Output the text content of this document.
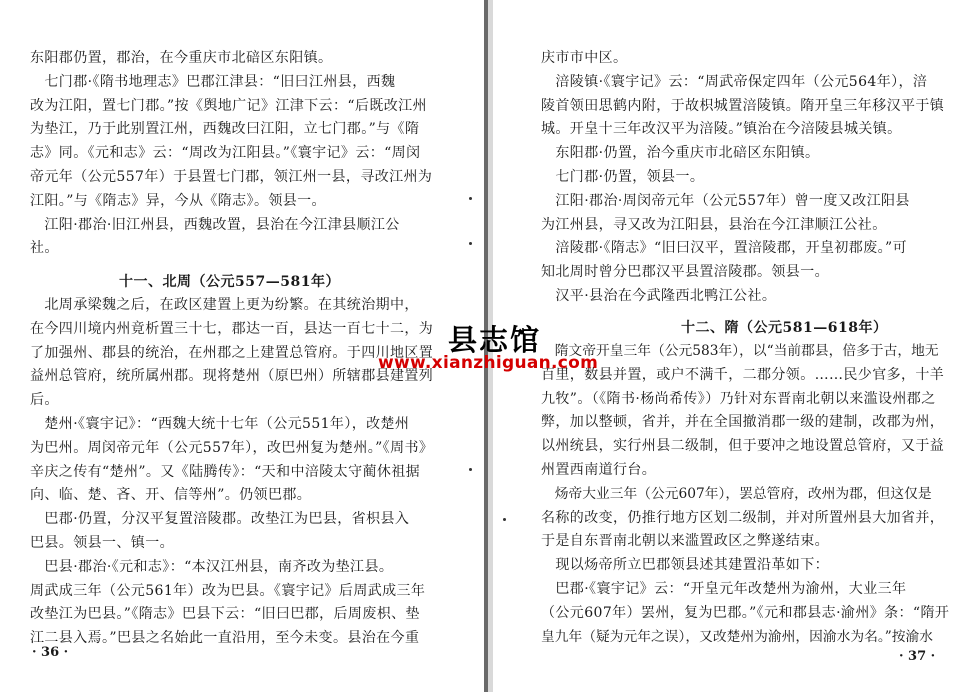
东阳郡仍置，郡治，在今重庆市北碚区东阳镇。
　七门郡·《隋书地理志》巴郡江津县：“旧曰江州县，西魏
改为江阳，置七门郡。”按《舆地广记》江津下云：“后既改江州
为垫江，乃于此别置江州，西魏改曰江阳，立七门郡。”与《隋
志》同。《元和志》云：“周改为江阳县。”《寰宇记》云：“周闵
帝元年（公元557年）于县置七门郡，领江州一县，寻改江州为
江阳。”与《隋志》异，今从《隋志》。领县一。
　江阳·郡治·旧江州县，西魏改置，县治在今江津县顺江公
社。
十一、北周（公元557—581年）
　北周承梁魏之后，在政区建置上更为纷繁。在其统治期中，
在今四川境内州竟析置三十七，郡达一百，县达一百七十二，为
了加强州、郡县的统治，在州郡之上建置总管府。于四川地区置
益州总管府，统所属州郡。现将楚州（原巴州）所辖郡县建置列
后。
　楚州·《寰宇记》：“西魏大统十七年（公元551年），改楚州
为巴州。周闵帝元年（公元557年），改巴州复为楚州。”《周书》
辛庆之传有“楚州”。又《陆腾传》：“天和中涪陵太守蔺休祖据
向、临、楚、吝、开、信等州”。仍领巴郡。
　巴郡·仍置，分汉平复置涪陵郡。改垫江为巴县，省枳县入
巴县。领县一、镇一。
　巴县·郡治·《元和志》：“本汉江州县，南齐改为垫江县。
周武成三年（公元561年）改为巴县。《寰宇记》后周武成三年
改垫江为巴县。”《隋志》巴县下云：“旧曰巴郡，后周废枳、垫
江二县入焉。”巴县之名始此一直沿用，至今未变。县治在今重
· 36 ·
庆市市中区。
　涪陵镇·《寰宇记》云：“周武帝保定四年（公元564年），涪
陵首领田思鹤内附，于故枳城置涪陵镇。隋开皇三年移汉平于镇
城。开皇十三年改汉平为涪陵。”镇治在今涪陵县城关镇。
　东阳郡·仍置，治今重庆市北碚区东阳镇。
　七门郡·仍置，领县一。
　江阳·郡治·周闵帝元年（公元557年）曾一度又改江阳县
为江州县，寻又改为江阳县，县治在今江津顺江公社。
　涪陵郡·《隋志》“旧曰汉平，置涪陵郡，开皇初郡废。”可
知北周时曾分巴郡汉平县置涪陵郡。领县一。
　汉平·县治在今武隆西北鸭江公社。
十二、隋（公元581—618年）
　隋文帝开皇三年（公元583年），以“当前郡县，倍多于古，地无
百里，数县并置，或户不满千，二郡分领。……民少官多，十羊
九牧”。（《隋书·杨尚希传》）乃针对东晋南北朝以来滥设州郡之
弊，加以整顿，省并，并在全国撤消郡一级的建制，改郡为州，
以州统县，实行州县二级制，但于要冲之地设置总管府，又于益
州置西南道行台。
　炀帝大业三年（公元607年），罢总管府，改州为郡，但这仅是
名称的改变，仍推行地方区划二级制，并对所置州县大加省并，
于是自东晋南北朝以来滥置政区之弊遂结束。
　现以炀帝所立巴郡领县述其建置沿革如下：
　巴郡·《寰宇记》云：“开皇元年改楚州为渝州，大业三年
（公元607年）罢州，复为巴郡。”《元和郡县志·渝州》条：“隋开
皇九年（疑为元年之误），又改楚州为渝州，因渝水为名。”按渝水
· 37 ·
县志馆
www.xianzhiguan.com
